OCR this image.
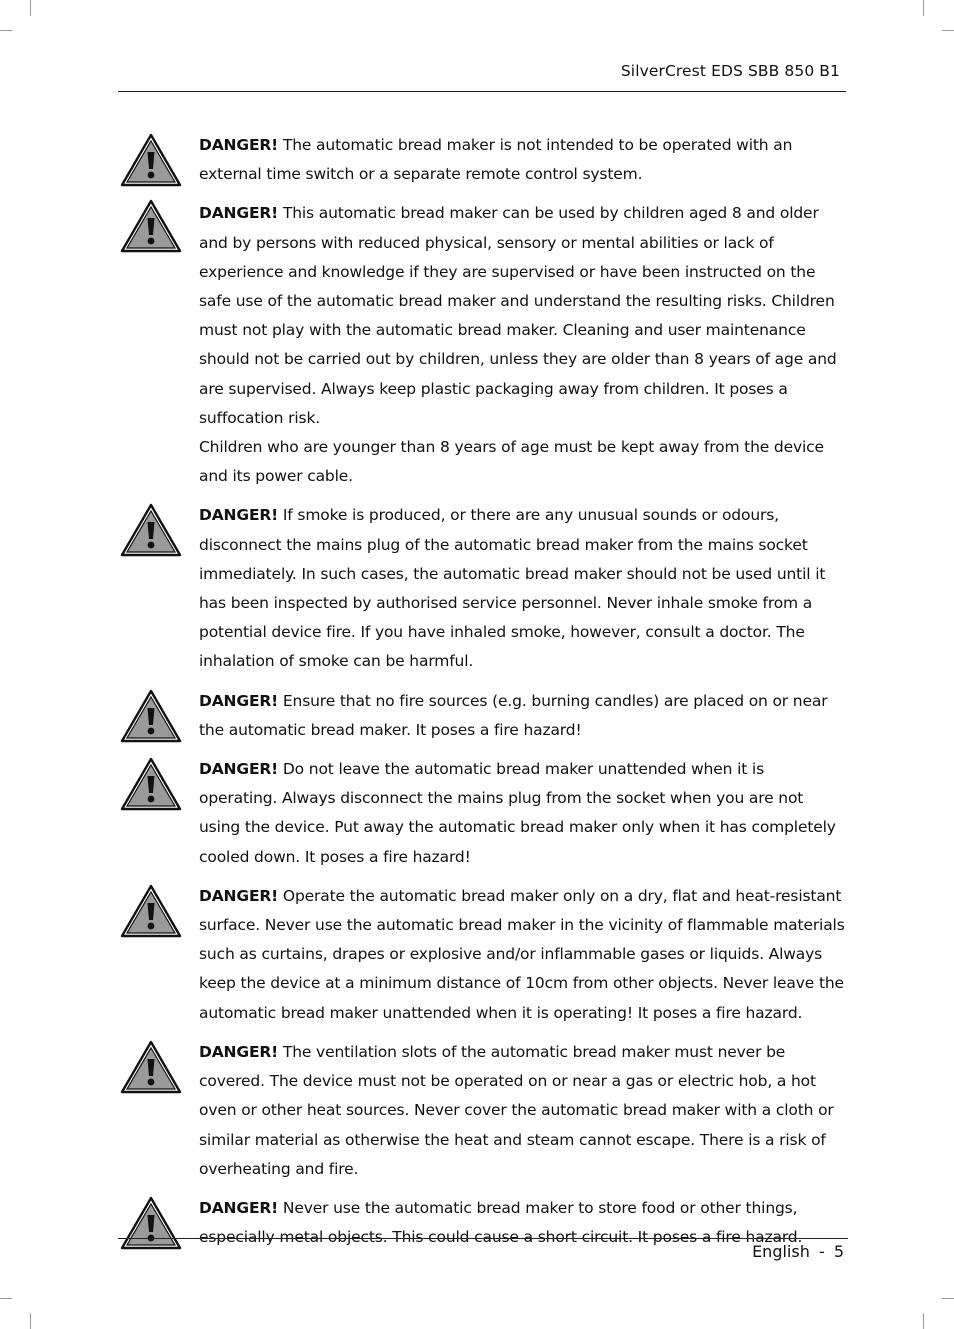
SilverCrest EDS SBB 850 B1

DANGER! The automatic bread maker is not intended to be operated with an external time switch or a separate remote control system.

DANGER! This automatic bread maker can be used by children aged 8 and older and by persons with reduced physical, sensory or mental abilities or lack of experience and knowledge if they are supervised or have been instructed on the safe use of the automatic bread maker and understand the resulting risks. Children must not play with the automatic bread maker. Cleaning and user maintenance should not be carried out by children, unless they are older than 8 years of age and are supervised. Always keep plastic packaging away from children. It poses a suffocation risk.

Children who are younger than 8 years of age must be kept away from the device and its power cable.

DANGER! If smoke is produced, or there are any unusual sounds or odours, disconnect the mains plug of the automatic bread maker from the mains socket immediately. In such cases, the automatic bread maker should not be used until it has been inspected by authorised service personnel. Never inhale smoke from a potential device fire. If you have inhaled smoke, however, consult a doctor. The inhalation of smoke can be harmful.

DANGER! Ensure that no fire sources (e.g. burning candles) are placed on or near the automatic bread maker. It poses a fire hazard!

DANGER! Do not leave the automatic bread maker unattended when it is operating. Always disconnect the mains plug from the socket when you are not using the device. Put away the automatic bread maker only when it has completely cooled down. It poses a fire hazard!

DANGER! Operate the automatic bread maker only on a dry, flat and heat-resistant surface. Never use the automatic bread maker in the vicinity of flammable materials such as curtains, drapes or explosive and/or inflammable gases or liquids. Always keep the device at a minimum distance of 10cm from other objects. Never leave the automatic bread maker unattended when it is operating! It poses a fire hazard.

DANGER! The ventilation slots of the automatic bread maker must never be covered. The device must not be operated on or near a gas or electric hob, a hot oven or other heat sources. Never cover the automatic bread maker with a cloth or similar material as otherwise the heat and steam cannot escape. There is a risk of overheating and fire.

DANGER! Never use the automatic bread maker to store food or other things, especially metal objects. This could cause a short circuit. It poses a fire hazard.

English - 5
